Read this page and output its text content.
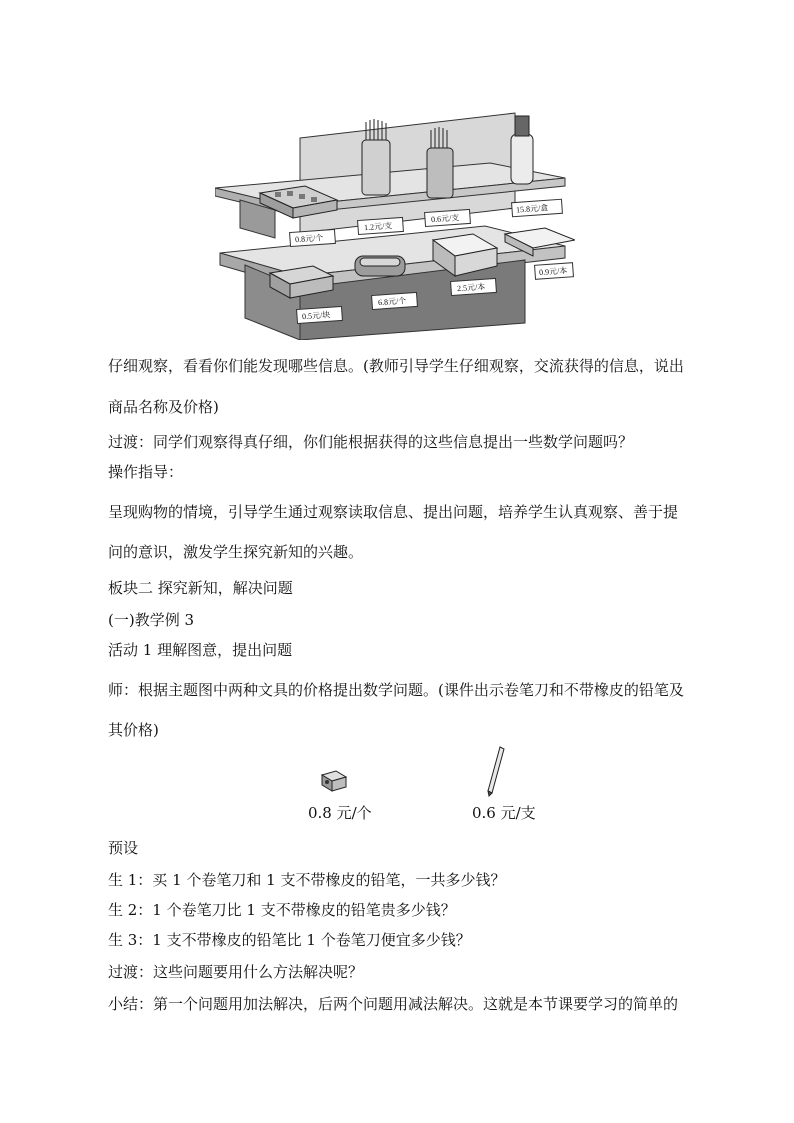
0.8元/个
1.2元/支
0.6元/支
15.8元/盒
0.5元/块
6.8元/个
2.5元/本
0.9元/本
仔细观察，看看你们能发现哪些信息。(教师引导学生仔细观察，交流获得的信息，说出
商品名称及价格)
过渡：同学们观察得真仔细，你们能根据获得的这些信息提出一些数学问题吗？
操作指导：
呈现购物的情境，引导学生通过观察读取信息、提出问题，培养学生认真观察、善于提
问的意识，激发学生探究新知的兴趣。
板块二 探究新知，解决问题
(一)教学例 3
活动 1 理解图意，提出问题
师：根据主题图中两种文具的价格提出数学问题。(课件出示卷笔刀和不带橡皮的铅笔及
其价格)
0.8 元/个	0.6 元/支
预设
生 1：买 1 个卷笔刀和 1 支不带橡皮的铅笔，一共多少钱？
生 2：1 个卷笔刀比 1 支不带橡皮的铅笔贵多少钱？
生 3：1 支不带橡皮的铅笔比 1 个卷笔刀便宜多少钱？
过渡：这些问题要用什么方法解决呢？
小结：第一个问题用加法解决，后两个问题用减法解决。这就是本节课要学习的简单的
